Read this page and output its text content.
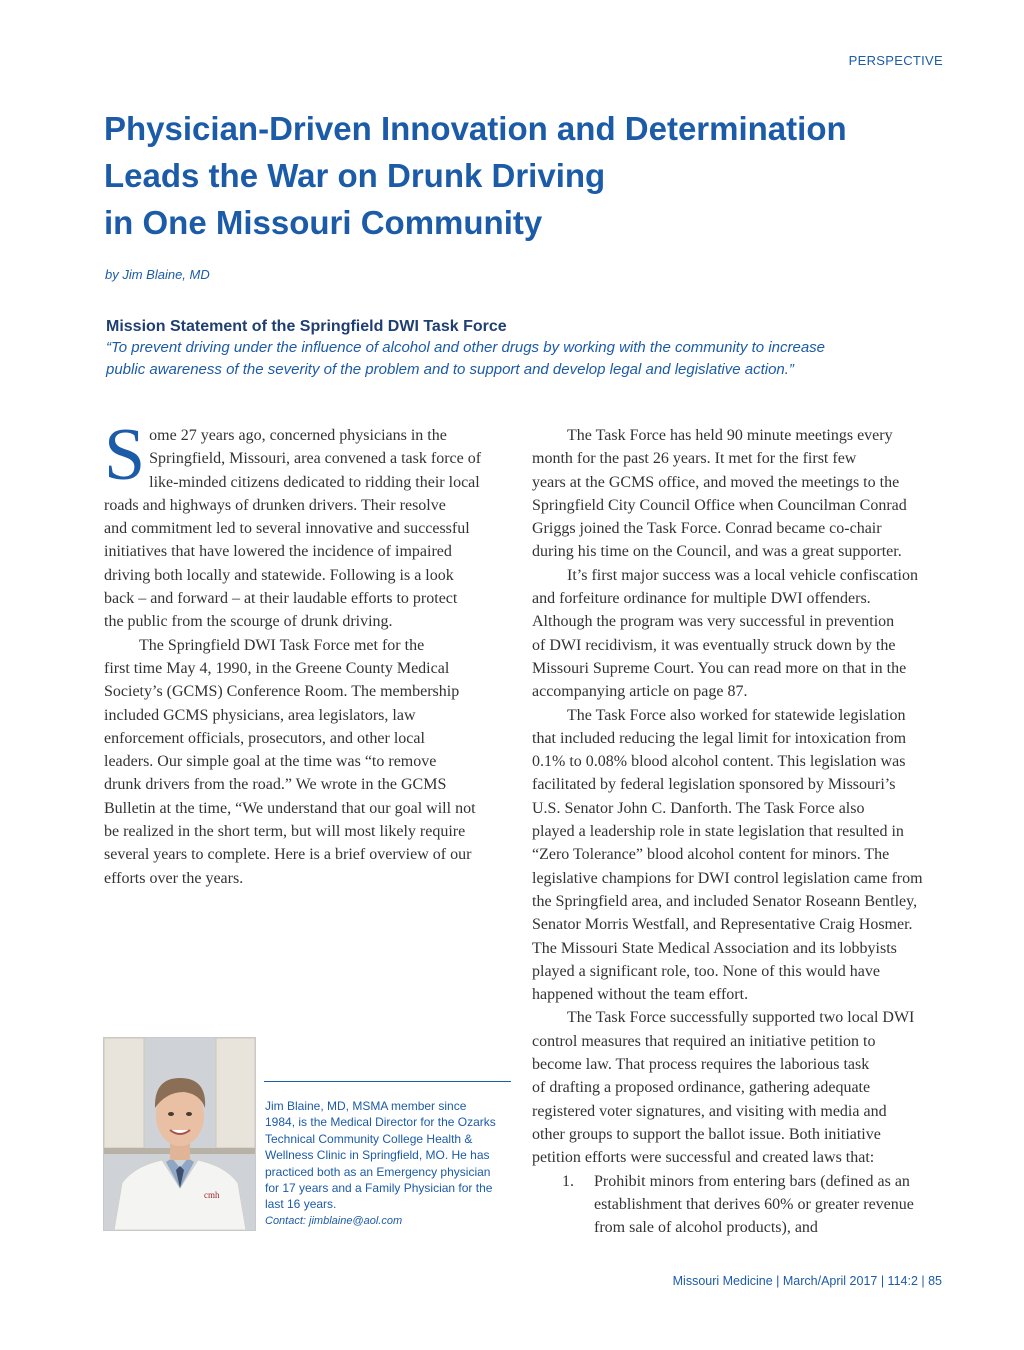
PERSPECTIVE
Physician-Driven Innovation and Determination
Leads the War on Drunk Driving
in One Missouri Community
by Jim Blaine, MD
Mission Statement of the Springfield DWI Task Force
“To prevent driving under the influence of alcohol and other drugs by working with the community to increase
public awareness of the severity of the problem and to support and develop legal and legislative action.”
S ome 27 years ago, concerned physicians in the
Springfield, Missouri, area convened a task force of
like-minded citizens dedicated to ridding their local
roads and highways of drunken drivers. Their resolve
and commitment led to several innovative and successful
initiatives that have lowered the incidence of impaired
driving both locally and statewide. Following is a look
back – and forward – at their laudable efforts to protect
the public from the scourge of drunk driving.
The Springfield DWI Task Force met for the
first time May 4, 1990, in the Greene County Medical
Society’s (GCMS) Conference Room. The membership
included GCMS physicians, area legislators, law
enforcement officials, prosecutors, and other local
leaders. Our simple goal at the time was “to remove
drunk drivers from the road.” We wrote in the GCMS
Bulletin at the time, “We understand that our goal will not
be realized in the short term, but will most likely require
several years to complete. Here is a brief overview of our
efforts over the years.
The Task Force has held 90 minute meetings every
month for the past 26 years. It met for the first few
years at the GCMS office, and moved the meetings to the
Springfield City Council Office when Councilman Conrad
Griggs joined the Task Force. Conrad became co-chair
during his time on the Council, and was a great supporter.
It’s first major success was a local vehicle confiscation
and forfeiture ordinance for multiple DWI offenders.
Although the program was very successful in prevention
of DWI recidivism, it was eventually struck down by the
Missouri Supreme Court. You can read more on that in the
accompanying article on page 87.
The Task Force also worked for statewide legislation
that included reducing the legal limit for intoxication from
0.1% to 0.08% blood alcohol content. This legislation was
facilitated by federal legislation sponsored by Missouri’s
U.S. Senator John C. Danforth. The Task Force also
played a leadership role in state legislation that resulted in
“Zero Tolerance” blood alcohol content for minors. The
legislative champions for DWI control legislation came from
the Springfield area, and included Senator Roseann Bentley,
Senator Morris Westfall, and Representative Craig Hosmer.
The Missouri State Medical Association and its lobbyists
played a significant role, too. None of this would have
happened without the team effort.
The Task Force successfully supported two local DWI
control measures that required an initiative petition to
become law. That process requires the laborious task
of drafting a proposed ordinance, gathering adequate
registered voter signatures, and visiting with media and
other groups to support the ballot issue. Both initiative
petition efforts were successful and created laws that:
1. Prohibit minors from entering bars (defined as an
establishment that derives 60% or greater revenue
from sale of alcohol products), and
cmh
Jim Blaine, MD, MSMA member since
1984, is the Medical Director for the Ozarks
Technical Community College Health &
Wellness Clinic in Springfield, MO. He has
practiced both as an Emergency physician
for 17 years and a Family Physician for the
last 16 years.
Contact: jimblaine@aol.com
Missouri Medicine | March/April 2017 | 114:2 | 85
